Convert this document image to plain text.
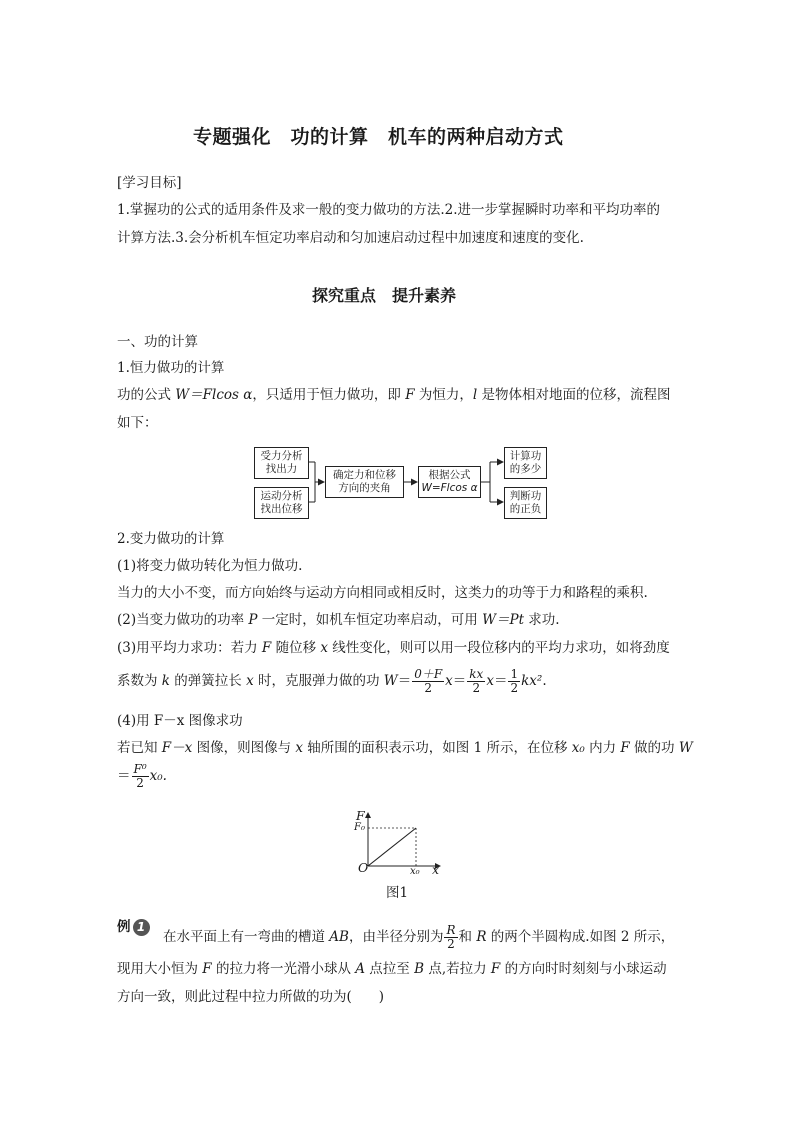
专题强化　功的计算　机车的两种启动方式
[学习目标]
1.掌握功的公式的适用条件及求一般的变力做功的方法.2.进一步掌握瞬时功率和平均功率的
计算方法.3.会分析机车恒定功率启动和匀加速启动过程中加速度和速度的变化.
探究重点　提升素养
一、功的计算
1.恒力做功的计算
功的公式 W＝Flcos α，只适用于恒力做功，即 F 为恒力，l 是物体相对地面的位移，流程图
如下：
受力分析
找出力
运动分析
找出位移
确定力和位移
方向的夹角
根据公式
W=Flcos α
计算功
的多少
判断功
的正负
2.变力做功的计算
(1)将变力做功转化为恒力做功.
当力的大小不变，而方向始终与运动方向相同或相反时，这类力的功等于力和路程的乘积.
(2)当变力做功的功率 P 一定时，如机车恒定功率启动，可用 W＝Pt 求功.
(3)用平均力求功：若力 F 随位移 x 线性变化，则可以用一段位移内的平均力求功，如将劲度
系数为 k 的弹簧拉长 x 时，克服弹力做的功 $W= \frac{0+F}{2} x= \frac{kx}{2} x= \frac{1}{2} kx^2$.
(4)用 F－x 图像求功
若已知 F－x 图像，则图像与 x 轴所围的面积表示功，如图 1 所示，在位移 x₀ 内力 F 做的功 W
＝ $\frac{\text{F⁰}}{2} x_0$.
F
x
O
F₀
x₀
图1
例 1
在水平面上有一弯曲的槽道 AB，由半径分别为 $\frac{R}{2}$ 和 R 的两个半圆构成.如图 2 所示，
现用大小恒为 F 的拉力将一光滑小球从 A 点拉至 B 点,若拉力 F 的方向时时刻刻与小球运动
方向一致，则此过程中拉力所做的功为(　　)
